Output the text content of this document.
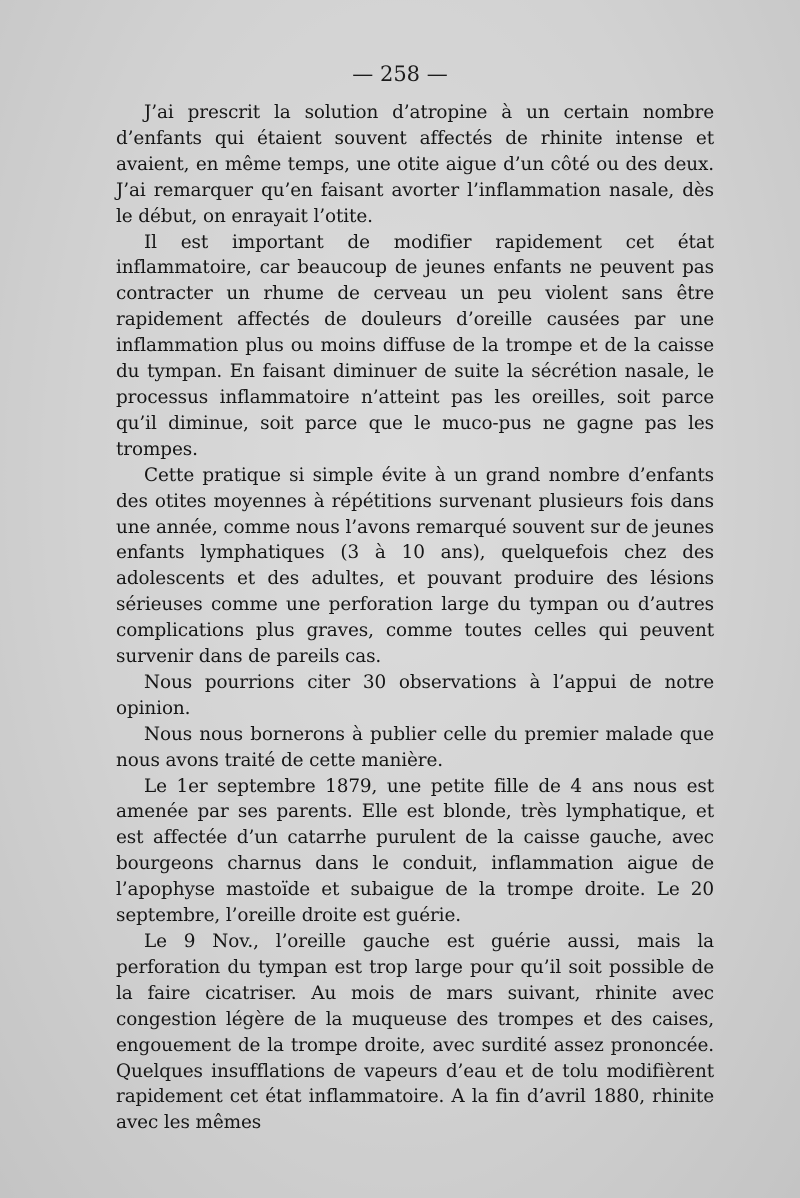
— 258 —

J’ai prescrit la solution d’atropine à un certain nombre d’enfants qui étaient souvent affectés de rhinite intense et avaient, en même temps, une otite aigue d’un côté ou des deux. J’ai remarquer qu’en faisant avorter l’inflammation nasale, dès le début, on enrayait l’otite.

Il est important de modifier rapidement cet état inflammatoire, car beaucoup de jeunes enfants ne peuvent pas contracter un rhume de cerveau un peu violent sans être rapidement affectés de douleurs d’oreille causées par une inflammation plus ou moins diffuse de la trompe et de la caisse du tympan. En faisant diminuer de suite la sécrétion nasale, le processus inflammatoire n’atteint pas les oreilles, soit parce qu’il diminue, soit parce que le muco-pus ne gagne pas les trompes.

Cette pratique si simple évite à un grand nombre d’enfants des otites moyennes à répétitions survenant plusieurs fois dans une année, comme nous l’avons remarqué souvent sur de jeunes enfants lymphatiques (3 à 10 ans), quelquefois chez des adolescents et des adultes, et pouvant produire des lésions sérieuses comme une perforation large du tympan ou d’autres complications plus graves, comme toutes celles qui peuvent survenir dans de pareils cas.

Nous pourrions citer 30 observations à l’appui de notre opinion.

Nous nous bornerons à publier celle du premier malade que nous avons traité de cette manière.

Le 1er septembre 1879, une petite fille de 4 ans nous est amenée par ses parents. Elle est blonde, très lymphatique, et est affectée d’un catarrhe purulent de la caisse gauche, avec bourgeons charnus dans le conduit, inflammation aigue de l’apophyse mastoïde et subaigue de la trompe droite. Le 20 septembre, l’oreille droite est guérie.

Le 9 Nov., l’oreille gauche est guérie aussi, mais la perforation du tympan est trop large pour qu’il soit possible de la faire cicatriser. Au mois de mars suivant, rhinite avec congestion légère de la muqueuse des trompes et des caises, engouement de la trompe droite, avec surdité assez prononcée. Quelques insufflations de vapeurs d’eau et de tolu modifièrent rapidement cet état inflammatoire. A la fin d’avril 1880, rhinite avec les mêmes
